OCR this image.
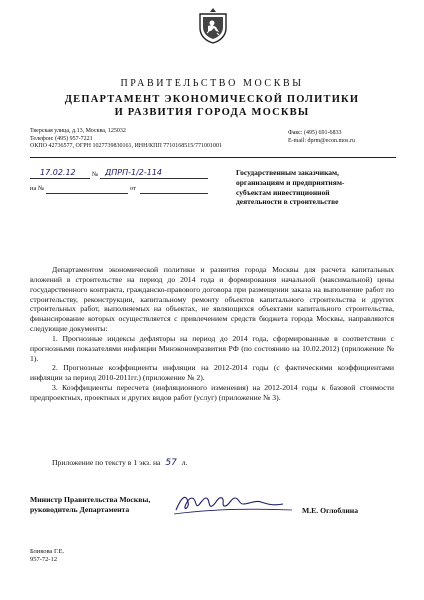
ПРАВИТЕЛЬСТВО МОСКВЫ
ДЕПАРТАМЕНТ ЭКОНОМИЧЕСКОЙ ПОЛИТИКИ
И РАЗВИТИЯ ГОРОДА МОСКВЫ
Тверская улица, д.13, Москва, 125032
Телефон: (495) 957-7221
ОКПО 42736577, ОГРН 1027739830161, ИНН/КПП 7710168515/771001001
Факс: (495) 691-6833
E-mail: dprm@econ.mos.ru
17.02.12	№ ДПРП-1/2-114
на №	от
Государственным заказчикам,
организациям и предприятиям-
субъектам инвестиционной
деятельности в строительстве

Департаментом экономической политики и развития города Москвы для расчета капитальных вложений в строительстве на период до 2014 года и формирования начальной (максимальной) цены государственного контракта, гражданско-правового договора при размещении заказа на выполнение работ по строительству, реконструкции, капитальному ремонту объектов капитального строительства и других строительных работ, выполняемых на объектах, не являющихся объектами капитального строительства, финансирование которых осуществляется с привлечением средств бюджета города Москвы, направляются следующие документы:

1. Прогнозные индексы дефляторы на период до 2014 года, сформированные в соответствии с прогнозными показателями инфляции Минэкономразвития РФ (по состоянию на 10.02.2012) (приложение № 1).

2. Прогнозные коэффициенты инфляции на 2012-2014 годы (с фактическими коэффициентами инфляции за период 2010-2011гг.) (приложение № 2).

3. Коэффициенты пересчета (инфляционного изменения) на 2012-2014 годы к базовой стоимости предпроектных, проектных и других видов работ (услуг) (приложение № 3).

Приложение по тексту в 1 экз. на 57 л.
Министр Правительства Москвы,
руководитель Департамента	М.Е. Оглоблина
Бликова Г.Е.
957-72-12
